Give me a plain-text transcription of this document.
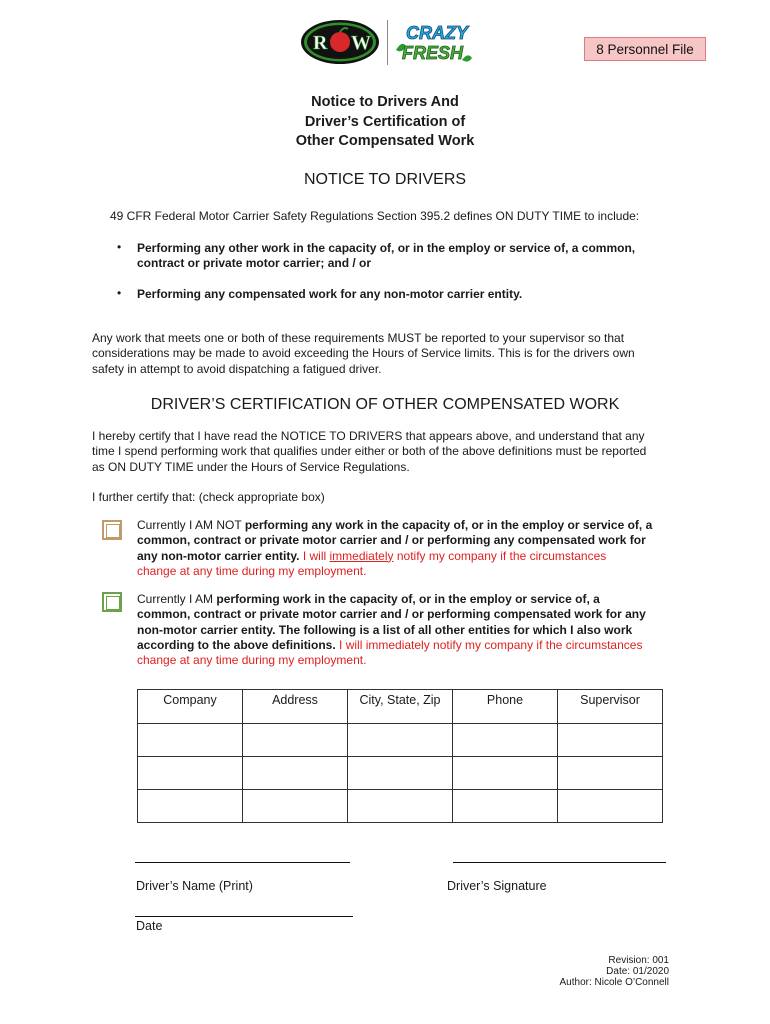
R W CRAZY
FRESH	8 Personnel File
Notice to Drivers And
Driver’s Certification of
Other Compensated Work
NOTICE TO DRIVERS
49 CFR Federal Motor Carrier Safety Regulations Section 395.2 defines ON DUTY TIME to include:
• Performing any other work in the capacity of, or in the employ or service of, a common,
contract or private motor carrier; and / or
• Performing any compensated work for any non-motor carrier entity.
Any work that meets one or both of these requirements MUST be reported to your supervisor so that
considerations may be made to avoid exceeding the Hours of Service limits. This is for the drivers own
safety in attempt to avoid dispatching a fatigued driver.
DRIVER’S CERTIFICATION OF OTHER COMPENSATED WORK
I hereby certify that I have read the NOTICE TO DRIVERS that appears above, and understand that any
time I spend performing work that qualifies under either or both of the above definitions must be reported
as ON DUTY TIME under the Hours of Service Regulations.
I further certify that: (check appropriate box)
Currently I AM NOT performing any work in the capacity of, or in the employ or service of, a
common, contract or private motor carrier and / or performing any compensated work for
any non-motor carrier entity. I will immediately notify my company if the circumstances
change at any time during my employment.
Currently I AM performing work in the capacity of, or in the employ or service of, a
common, contract or private motor carrier and / or performing compensated work for any
non-motor carrier entity. The following is a list of all other entities for which I also work
according to the above definitions. I will immediately notify my company if the circumstances
change at any time during my employment.
Company	Address	City, State, Zip	Phone	Supervisor

Driver’s Name (Print)	Driver’s Signature
Date
Revision: 001
Date: 01/2020
Author: Nicole O’Connell
